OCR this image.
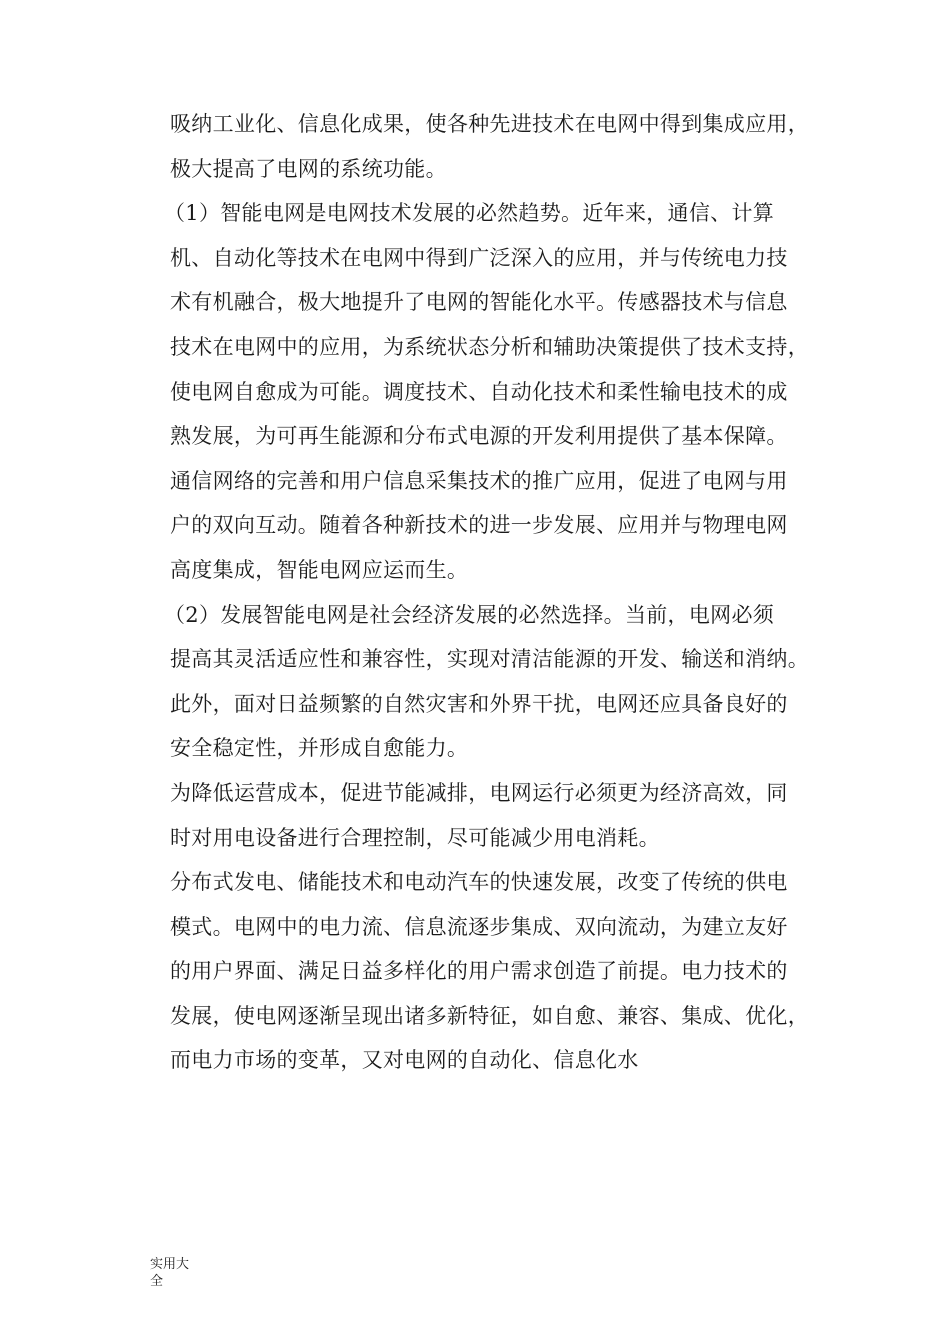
吸纳工业化、信息化成果，使各种先进技术在电网中得到集成应用，
极大提高了电网的系统功能。
（1）智能电网是电网技术发展的必然趋势。近年来，通信、计算
机、自动化等技术在电网中得到广泛深入的应用，并与传统电力技
术有机融合，极大地提升了电网的智能化水平。传感器技术与信息
技术在电网中的应用，为系统状态分析和辅助决策提供了技术支持，
使电网自愈成为可能。调度技术、自动化技术和柔性输电技术的成
熟发展，为可再生能源和分布式电源的开发利用提供了基本保障。
通信网络的完善和用户信息采集技术的推广应用，促进了电网与用
户的双向互动。随着各种新技术的进一步发展、应用并与物理电网
高度集成，智能电网应运而生。
（2）发展智能电网是社会经济发展的必然选择。当前，电网必须
提高其灵活适应性和兼容性，实现对清洁能源的开发、输送和消纳。
此外，面对日益频繁的自然灾害和外界干扰，电网还应具备良好的
安全稳定性，并形成自愈能力。
为降低运营成本，促进节能减排，电网运行必须更为经济高效，同
时对用电设备进行合理控制，尽可能减少用电消耗。
分布式发电、储能技术和电动汽车的快速发展，改变了传统的供电
模式。电网中的电力流、信息流逐步集成、双向流动，为建立友好
的用户界面、满足日益多样化的用户需求创造了前提。电力技术的
发展，使电网逐渐呈现出诸多新特征，如自愈、兼容、集成、优化，
而电力市场的变革，又对电网的自动化、信息化水
实用大
全
